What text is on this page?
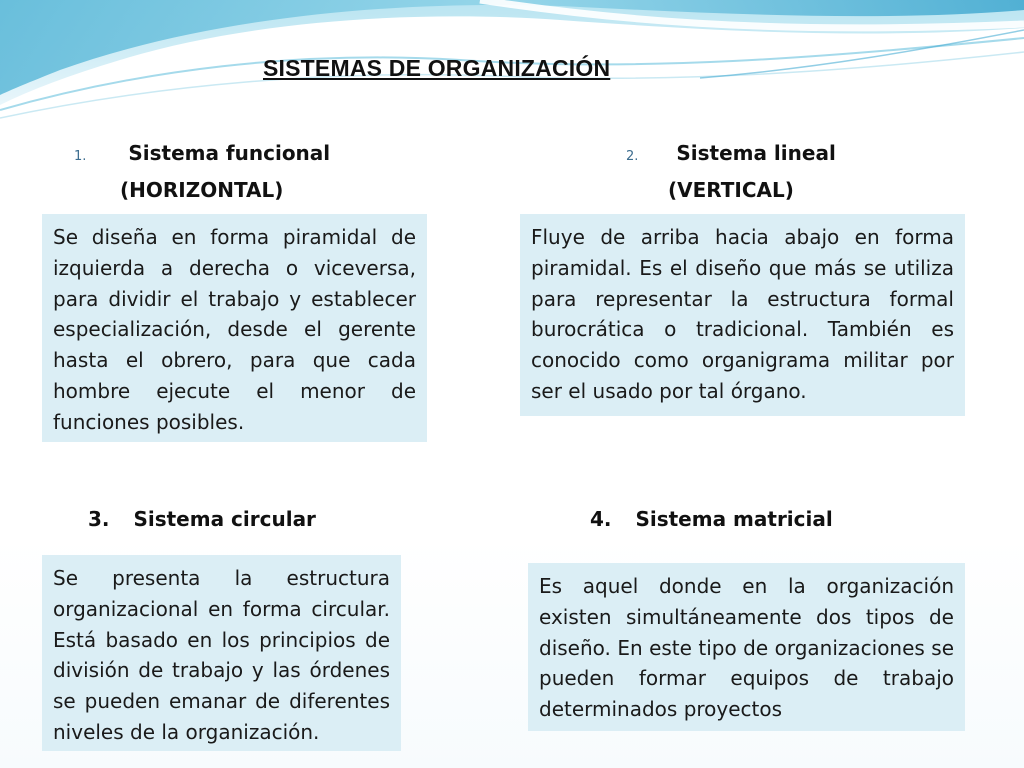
SISTEMAS DE ORGANIZACIÓN
1. Sistema funcional
(HORIZONTAL)
Se diseña en forma piramidal de izquierda a derecha o viceversa, para dividir el trabajo y establecer especialización, desde el gerente hasta el obrero, para que cada hombre ejecute el menor de funciones posibles.
2. Sistema lineal
(VERTICAL)
Fluye de arriba hacia abajo en forma piramidal. Es el diseño que más se utiliza para representar la estructura formal burocrática o tradicional. También es conocido como organigrama militar por ser el usado por tal órgano.
3. Sistema circular
Se presenta la estructura organizacional en forma circular. Está basado en los principios de división de trabajo y las órdenes se pueden emanar de diferentes niveles de la organización.
4. Sistema matricial
Es aquel donde en la organización existen simultáneamente dos tipos de diseño. En este tipo de organizaciones se pueden formar equipos de trabajo determinados proyectos
